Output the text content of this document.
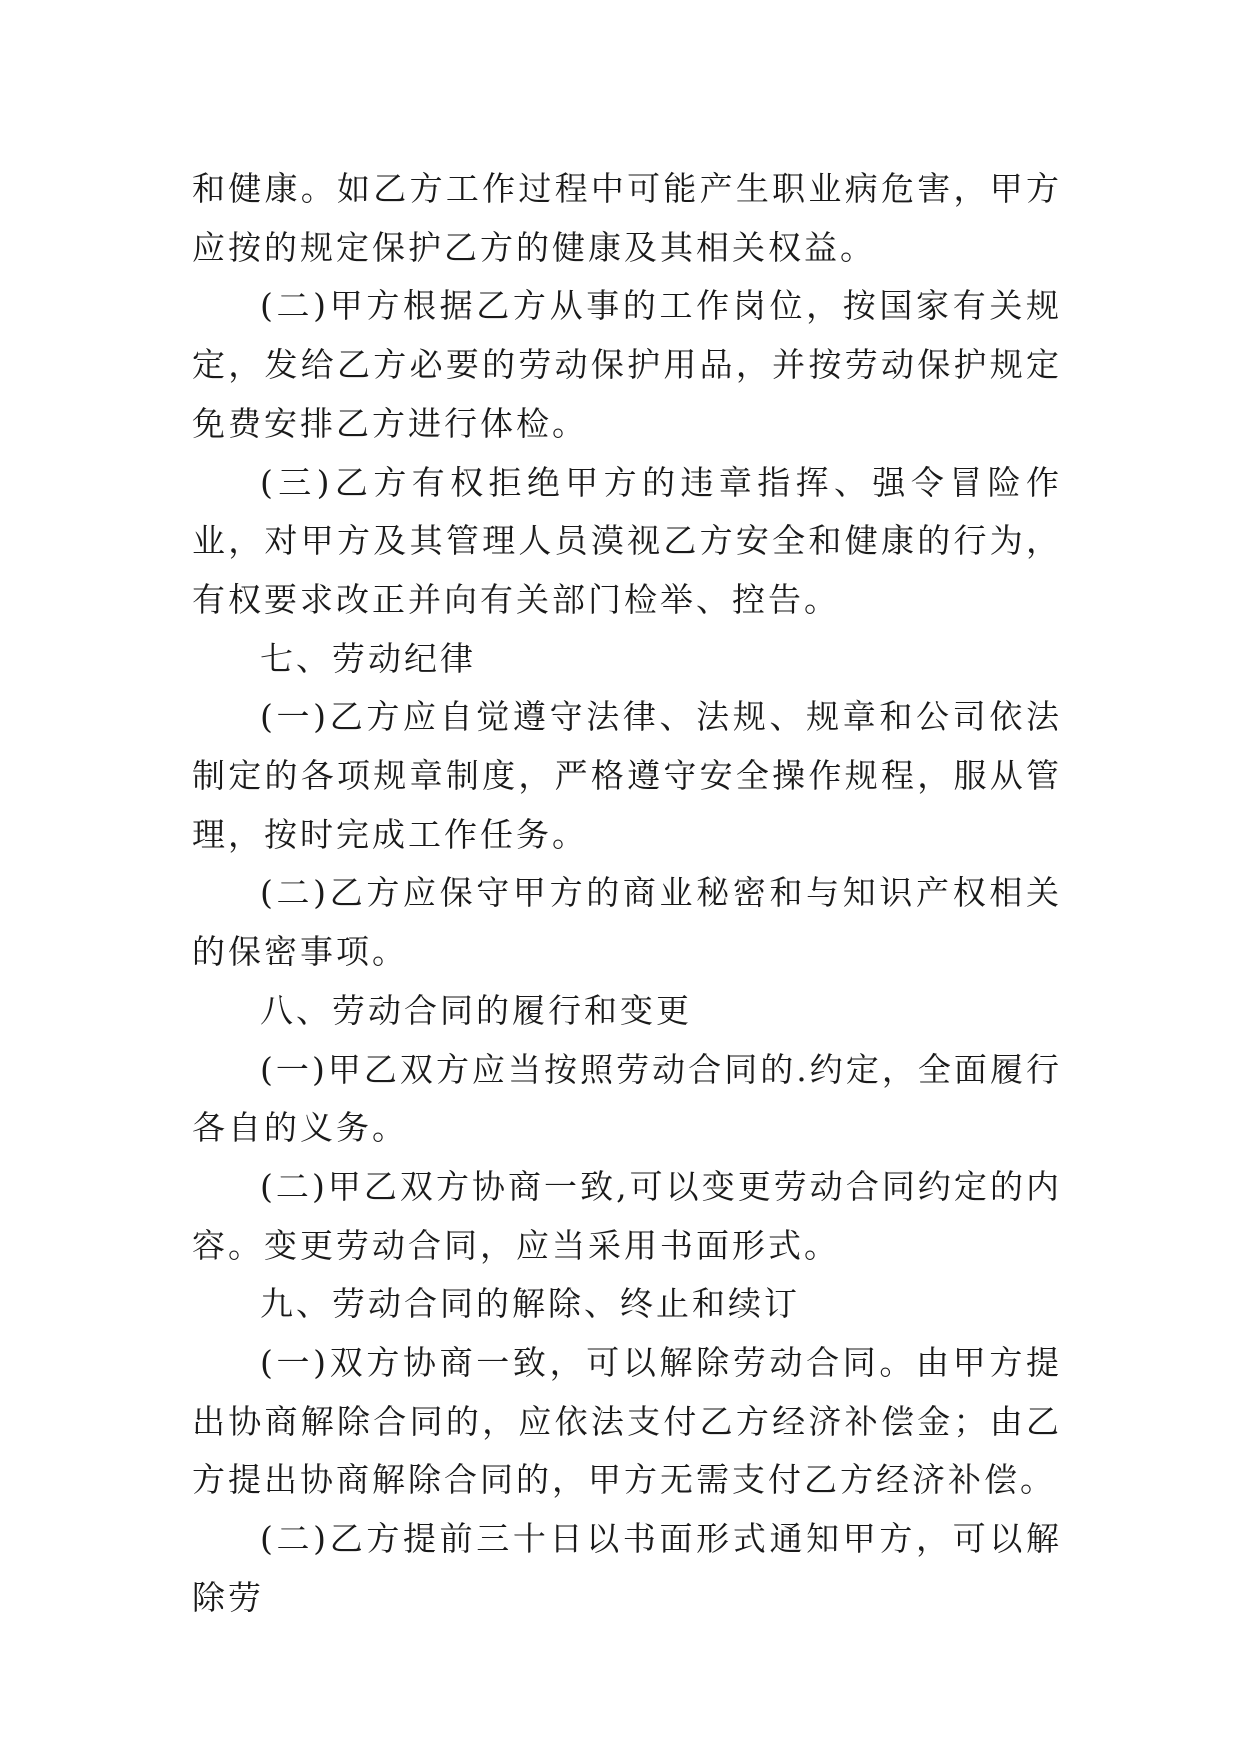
和健康。如乙方工作过程中可能产生职业病危害，甲方应按的规定保护乙方的健康及其相关权益。

(二)甲方根据乙方从事的工作岗位，按国家有关规定，发给乙方必要的劳动保护用品，并按劳动保护规定免费安排乙方进行体检。

(三)乙方有权拒绝甲方的违章指挥、强令冒险作业，对甲方及其管理人员漠视乙方安全和健康的行为，有权要求改正并向有关部门检举、控告。

七、劳动纪律

(一)乙方应自觉遵守法律、法规、规章和公司依法制定的各项规章制度，严格遵守安全操作规程，服从管理，按时完成工作任务。

(二)乙方应保守甲方的商业秘密和与知识产权相关的保密事项。

八、劳动合同的履行和变更

(一)甲乙双方应当按照劳动合同的.约定，全面履行各自的义务。

(二)甲乙双方协商一致,可以变更劳动合同约定的内容。变更劳动合同，应当采用书面形式。

九、劳动合同的解除、终止和续订

(一)双方协商一致，可以解除劳动合同。由甲方提出协商解除合同的，应依法支付乙方经济补偿金；由乙方提出协商解除合同的，甲方无需支付乙方经济补偿。

(二)乙方提前三十日以书面形式通知甲方，可以解除劳
